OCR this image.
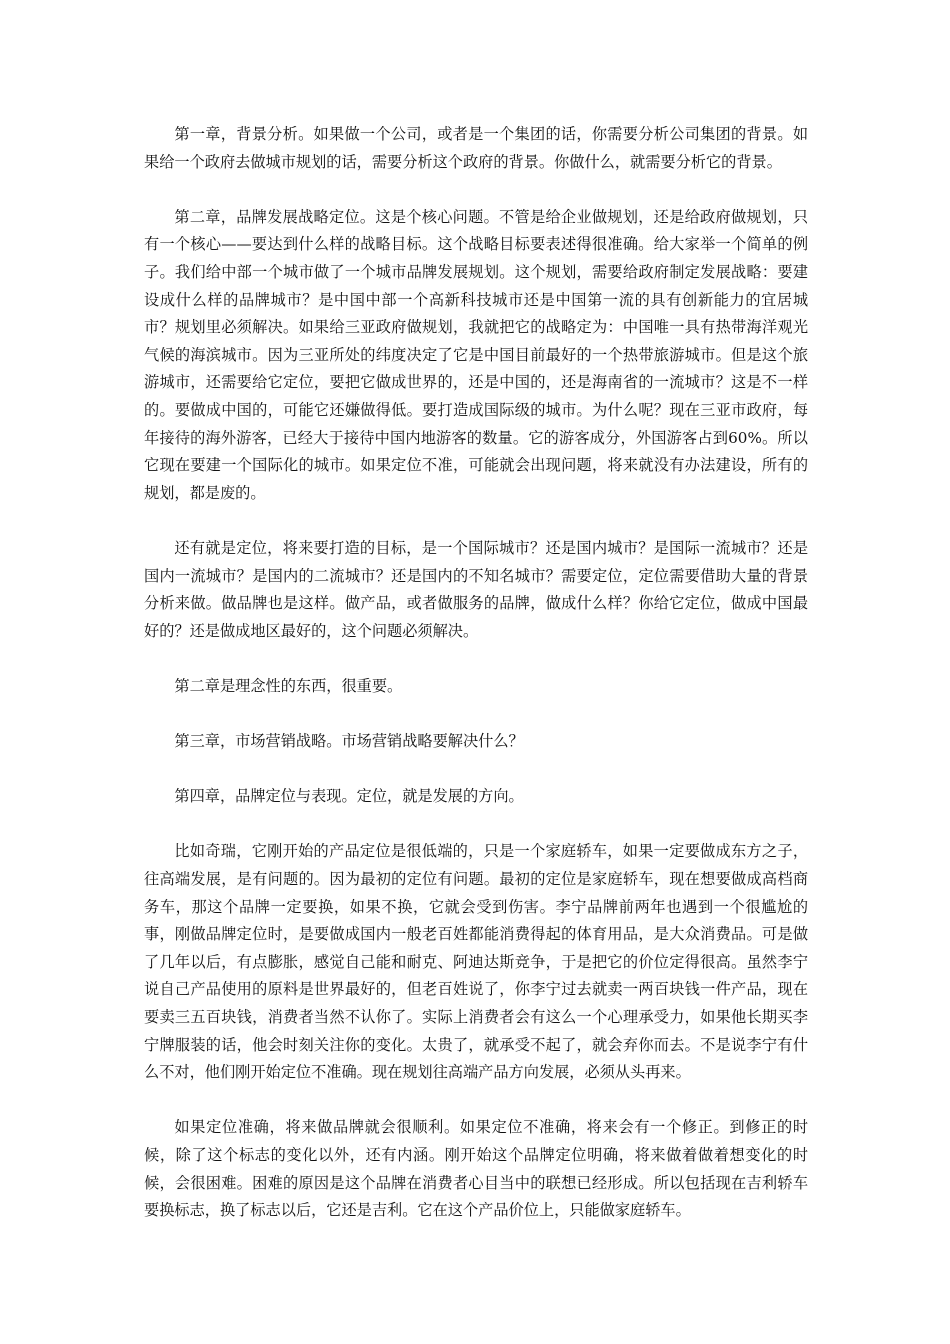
第一章，背景分析。如果做一个公司，或者是一个集团的话，你需要分析公司集团的背景。如果给一个政府去做城市规划的话，需要分析这个政府的背景。你做什么，就需要分析它的背景。

第二章，品牌发展战略定位。这是个核心问题。不管是给企业做规划，还是给政府做规划，只有一个核心——要达到什么样的战略目标。这个战略目标要表述得很准确。给大家举一个简单的例子。我们给中部一个城市做了一个城市品牌发展规划。这个规划，需要给政府制定发展战略：要建设成什么样的品牌城市？是中国中部一个高新科技城市还是中国第一流的具有创新能力的宜居城市？规划里必须解决。如果给三亚政府做规划，我就把它的战略定为：中国唯一具有热带海洋观光气候的海滨城市。因为三亚所处的纬度决定了它是中国目前最好的一个热带旅游城市。但是这个旅游城市，还需要给它定位，要把它做成世界的，还是中国的，还是海南省的一流城市？这是不一样的。要做成中国的，可能它还嫌做得低。要打造成国际级的城市。为什么呢？现在三亚市政府，每年接待的海外游客，已经大于接待中国内地游客的数量。它的游客成分，外国游客占到60%。所以它现在要建一个国际化的城市。如果定位不准，可能就会出现问题，将来就没有办法建设，所有的规划，都是废的。

还有就是定位，将来要打造的目标，是一个国际城市？还是国内城市？是国际一流城市？还是国内一流城市？是国内的二流城市？还是国内的不知名城市？需要定位，定位需要借助大量的背景分析来做。做品牌也是这样。做产品，或者做服务的品牌，做成什么样？你给它定位，做成中国最好的？还是做成地区最好的，这个问题必须解决。

第二章是理念性的东西，很重要。

第三章，市场营销战略。市场营销战略要解决什么？

第四章，品牌定位与表现。定位，就是发展的方向。

比如奇瑞，它刚开始的产品定位是很低端的，只是一个家庭轿车，如果一定要做成东方之子，往高端发展，是有问题的。因为最初的定位有问题。最初的定位是家庭轿车，现在想要做成高档商务车，那这个品牌一定要换，如果不换，它就会受到伤害。李宁品牌前两年也遇到一个很尴尬的事，刚做品牌定位时，是要做成国内一般老百姓都能消费得起的体育用品，是大众消费品。可是做了几年以后，有点膨胀，感觉自己能和耐克、阿迪达斯竞争，于是把它的价位定得很高。虽然李宁说自己产品使用的原料是世界最好的，但老百姓说了，你李宁过去就卖一两百块钱一件产品，现在要卖三五百块钱，消费者当然不认你了。实际上消费者会有这么一个心理承受力，如果他长期买李宁牌服装的话，他会时刻关注你的变化。太贵了，就承受不起了，就会弃你而去。不是说李宁有什么不对，他们刚开始定位不准确。现在规划往高端产品方向发展，必须从头再来。

如果定位准确，将来做品牌就会很顺利。如果定位不准确，将来会有一个修正。到修正的时候，除了这个标志的变化以外，还有内涵。刚开始这个品牌定位明确，将来做着做着想变化的时候，会很困难。困难的原因是这个品牌在消费者心目当中的联想已经形成。所以包括现在吉利轿车要换标志，换了标志以后，它还是吉利。它在这个产品价位上，只能做家庭轿车。
